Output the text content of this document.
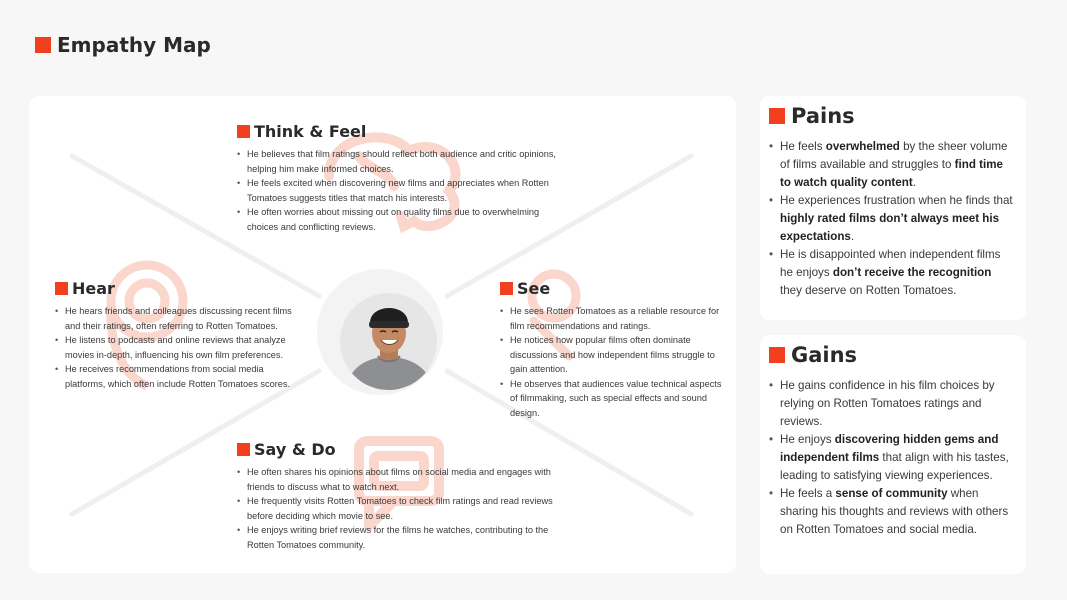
Empathy Map
Think & Feel
• He believes that film ratings should reflect both audience and critic opinions, helping him make informed choices.
• He feels excited when discovering new films and appreciates when Rotten Tomatoes suggests titles that match his interests.
• He often worries about missing out on quality films due to overwhelming choices and conflicting reviews.
Hear
• He hears friends and colleagues discussing recent films and their ratings, often referring to Rotten Tomatoes.
• He listens to podcasts and online reviews that analyze movies in-depth, influencing his own film preferences.
• He receives recommendations from social media platforms, which often include Rotten Tomatoes scores.
See
• He sees Rotten Tomatoes as a reliable resource for film recommendations and ratings.
• He notices how popular films often dominate discussions and how independent films struggle to gain attention.
• He observes that audiences value technical aspects of filmmaking, such as special effects and sound design.
Say & Do
• He often shares his opinions about films on social media and engages with friends to discuss what to watch next.
• He frequently visits Rotten Tomatoes to check film ratings and read reviews before deciding which movie to see.
• He enjoys writing brief reviews for the films he watches, contributing to the Rotten Tomatoes community.
Pains
• He feels overwhelmed by the sheer volume of films available and struggles to find time to watch quality content.
• He experiences frustration when he finds that highly rated films don’t always meet his expectations.
• He is disappointed when independent films he enjoys don’t receive the recognition they deserve on Rotten Tomatoes.
Gains
• He gains confidence in his film choices by relying on Rotten Tomatoes ratings and reviews.
• He enjoys discovering hidden gems and independent films that align with his tastes, leading to satisfying viewing experiences.
• He feels a sense of community when sharing his thoughts and reviews with others on Rotten Tomatoes and social media.
